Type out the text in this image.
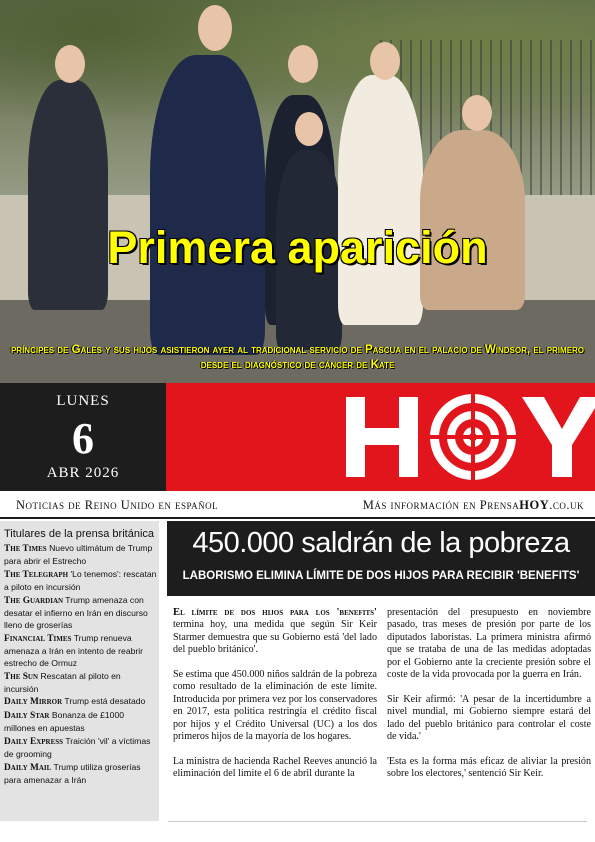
Primera aparición

príncipes de Gales y sus hijos asistieron ayer al tradicional servicio de Pascua en el palacio de Windsor, el primero desde el diagnóstico de cáncer de Kate

LUNES
6
ABR 2026
Noticias de Reino Unido en español	Más información en PrensaHOY.co.uk
Titulares de la prensa británica
The Times Nuevo ultimátum de Trump para abrir el Estrecho
The Telegraph 'Lo tenemos': rescatan a piloto en incursión
The Guardian Trump amenaza con desatar el infierno en Irán en discurso lleno de groserías
Financial Times Trump renueva amenaza a Irán en intento de reabrir estrecho de Ormuz
The Sun Rescatan al piloto en incursión
Daily Mirror Trump está desatado
Daily Star Bonanza de £1000 millones en apuestas
Daily Express Traición 'vil' a víctimas de grooming
Daily Mail Trump utiliza groserías para amenazar a Irán
450.000 saldrán de la pobreza
LABORISMO ELIMINA LÍMITE DE DOS HIJOS PARA RECIBIR 'BENEFITS'

El límite de dos hijos para los 'benefits' termina hoy, una medida que según Sir Keir Starmer demuestra que su Gobierno está 'del lado del pueblo británico'.

Se estima que 450.000 niños saldrán de la pobreza como resultado de la eliminación de este límite. Introducida por primera vez por los conservadores en 2017, esta política restringía el crédito fiscal por hijos y el Crédito Universal (UC) a los dos primeros hijos de la mayoría de los hogares.

La ministra de hacienda Rachel Reeves anunció la eliminación del límite el 6 de abril durante la

presentación del presupuesto en noviembre pasado, tras meses de presión por parte de los diputados laboristas. La primera ministra afirmó que se trataba de una de las medidas adoptadas por el Gobierno ante la creciente presión sobre el coste de la vida provocada por la guerra en Irán.

Sir Keir afirmó: 'A pesar de la incertidumbre a nivel mundial, mi Gobierno siempre estará del lado del pueblo británico para controlar el coste de vida.'

'Esta es la forma más eficaz de aliviar la presión sobre los electores,' sentenció Sir Keir.
